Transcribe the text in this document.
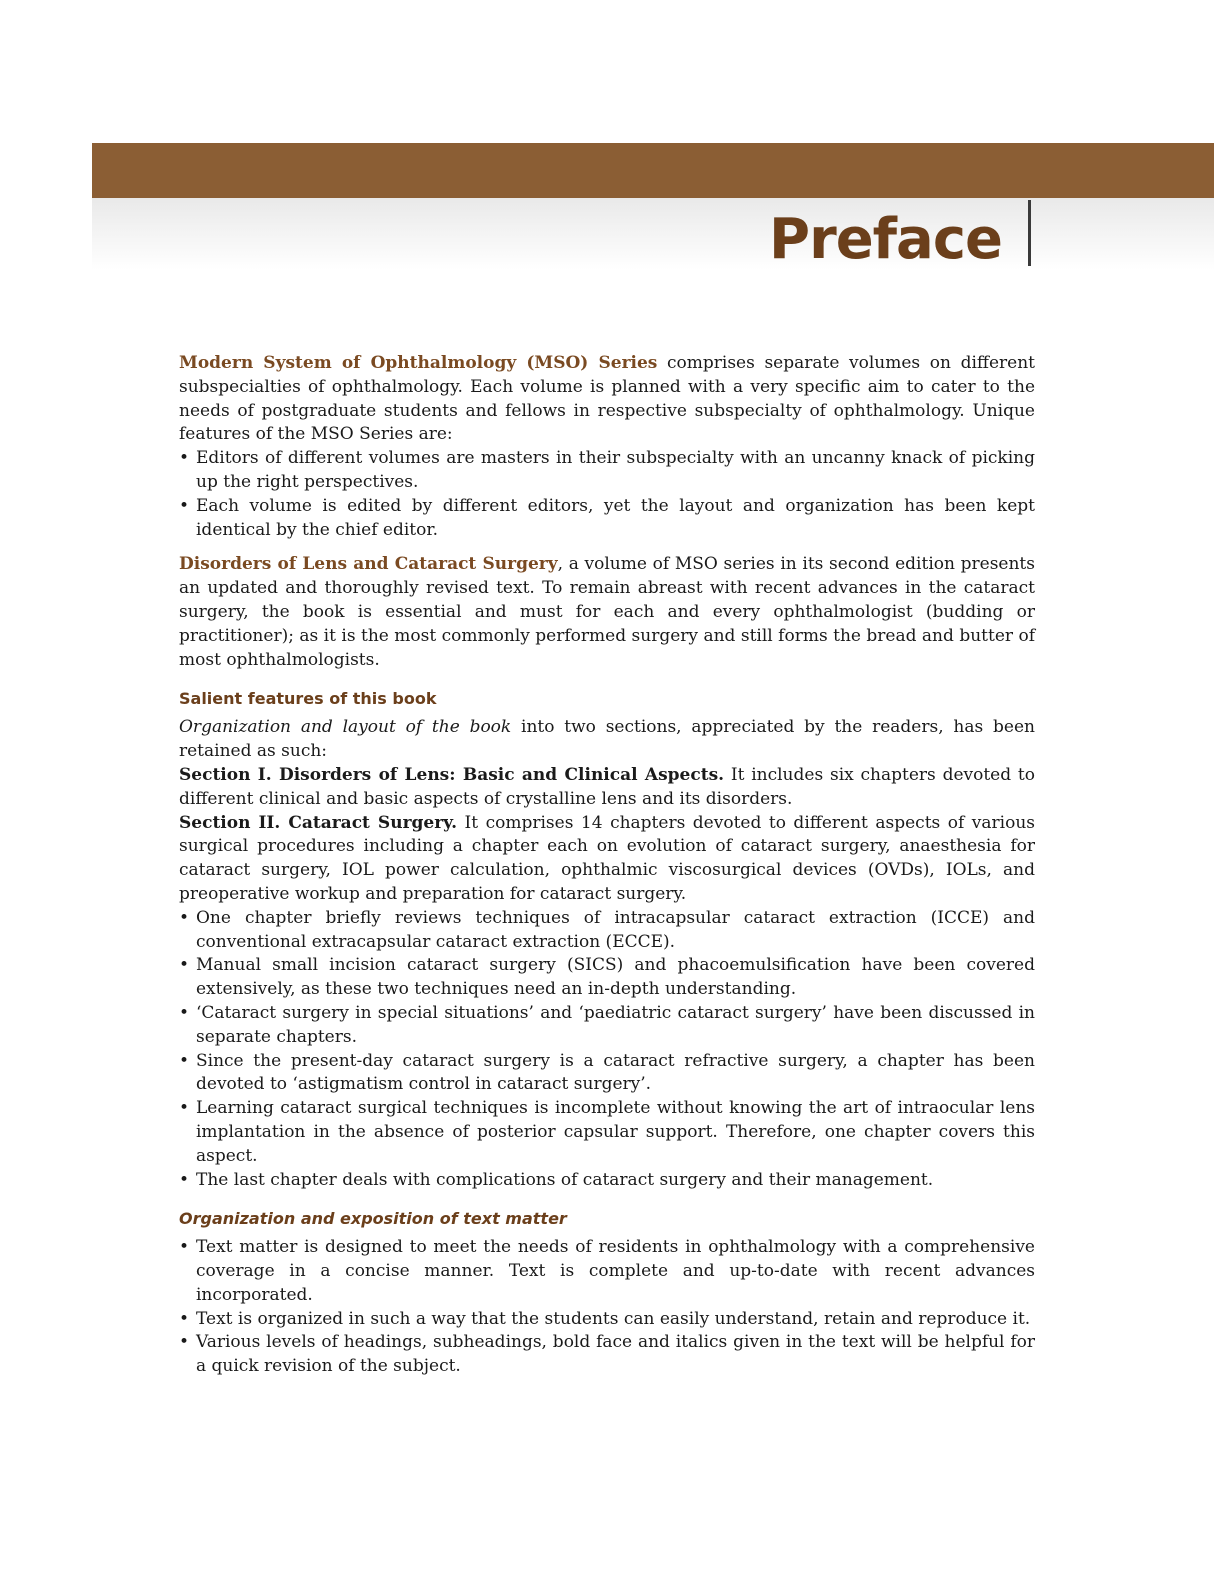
Preface

Modern System of Ophthalmology (MSO) Series comprises separate volumes on different subspecialties of ophthalmology. Each volume is planned with a very specific aim to cater to the needs of postgraduate students and fellows in respective subspecialty of ophthalmology. Unique features of the MSO Series are:

• Editors of different volumes are masters in their subspecialty with an uncanny knack of picking up the right perspectives.
• Each volume is edited by different editors, yet the layout and organization has been kept identical by the chief editor.

Disorders of Lens and Cataract Surgery, a volume of MSO series in its second edition presents an updated and thoroughly revised text. To remain abreast with recent advances in the cataract surgery, the book is essential and must for each and every ophthalmologist (budding or practitioner); as it is the most commonly performed surgery and still forms the bread and butter of most ophthalmologists.

Salient features of this book

Organization and layout of the book into two sections, appreciated by the readers, has been retained as such:

Section I. Disorders of Lens: Basic and Clinical Aspects. It includes six chapters devoted to different clinical and basic aspects of crystalline lens and its disorders.

Section II. Cataract Surgery. It comprises 14 chapters devoted to different aspects of various surgical procedures including a chapter each on evolution of cataract surgery, anaesthesia for cataract surgery, IOL power calculation, ophthalmic viscosurgical devices (OVDs), IOLs, and preoperative workup and preparation for cataract surgery.

• One chapter briefly reviews techniques of intracapsular cataract extraction (ICCE) and conventional extracapsular cataract extraction (ECCE).
• Manual small incision cataract surgery (SICS) and phacoemulsification have been covered extensively, as these two techniques need an in-depth understanding.
• ‘Cataract surgery in special situations’ and ‘paediatric cataract surgery’ have been discussed in separate chapters.
• Since the present-day cataract surgery is a cataract refractive surgery, a chapter has been devoted to ‘astigmatism control in cataract surgery’.
• Learning cataract surgical techniques is incomplete without knowing the art of intraocular lens implantation in the absence of posterior capsular support. Therefore, one chapter covers this aspect.
• The last chapter deals with complications of cataract surgery and their management.
Organization and exposition of text matter
• Text matter is designed to meet the needs of residents in ophthalmology with a comprehensive coverage in a concise manner. Text is complete and up-to-date with recent advances incorporated.
• Text is organized in such a way that the students can easily understand, retain and reproduce it.
• Various levels of headings, subheadings, bold face and italics given in the text will be helpful for a quick revision of the subject.
